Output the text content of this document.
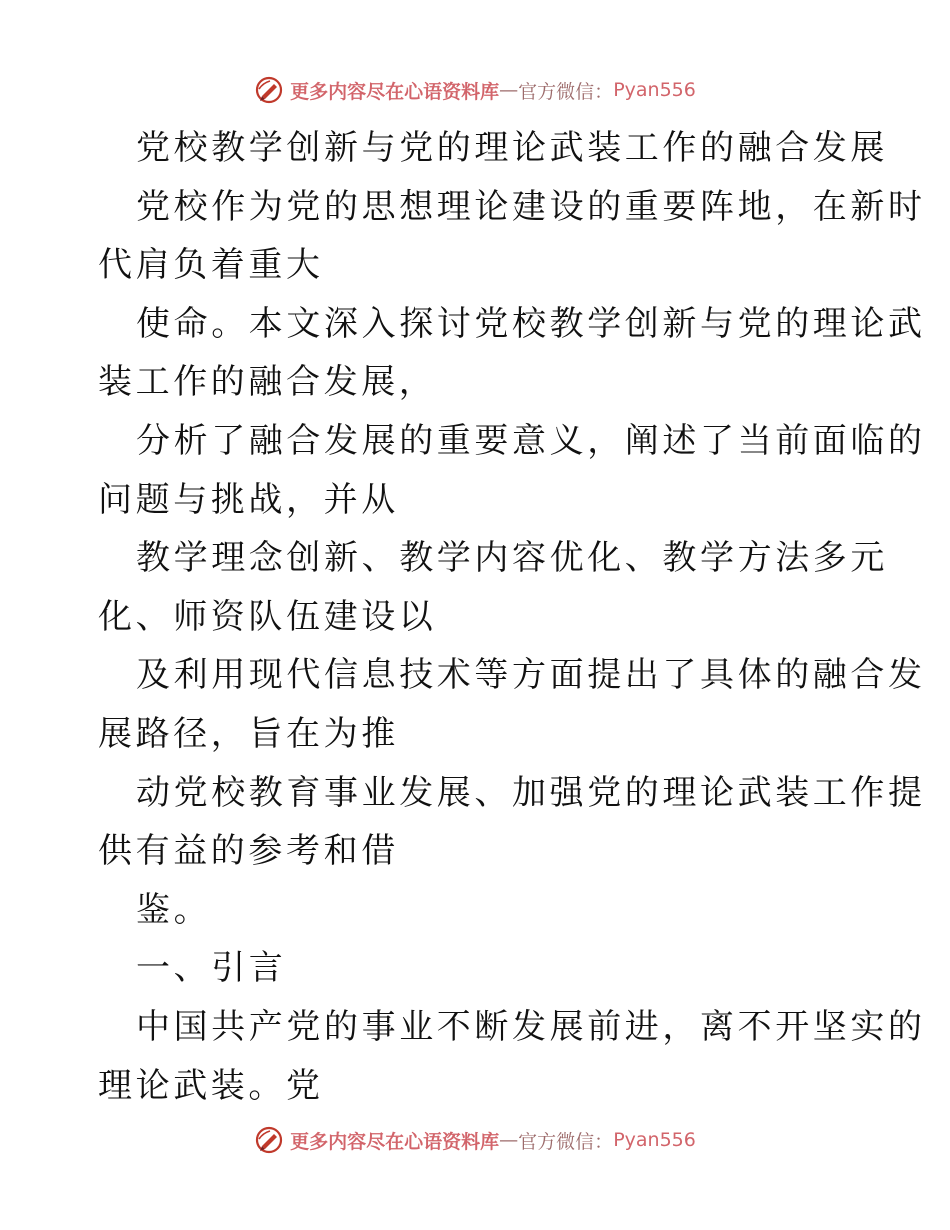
更多内容尽在心语资料库 — 官方微信： Pyan556
党校教学创新与党的理论武装工作的融合发展
党校作为党的思想理论建设的重要阵地，在新时
代肩负着重大
使命。本文深入探讨党校教学创新与党的理论武
装工作的融合发展，
分析了融合发展的重要意义，阐述了当前面临的
问题与挑战，并从
教学理念创新、教学内容优化、教学方法多元
化、师资队伍建设以
及利用现代信息技术等方面提出了具体的融合发
展路径，旨在为推
动党校教育事业发展、加强党的理论武装工作提
供有益的参考和借
鉴。
一、引言
中国共产党的事业不断发展前进，离不开坚实的
理论武装。党
更多内容尽在心语资料库 — 官方微信： Pyan556
